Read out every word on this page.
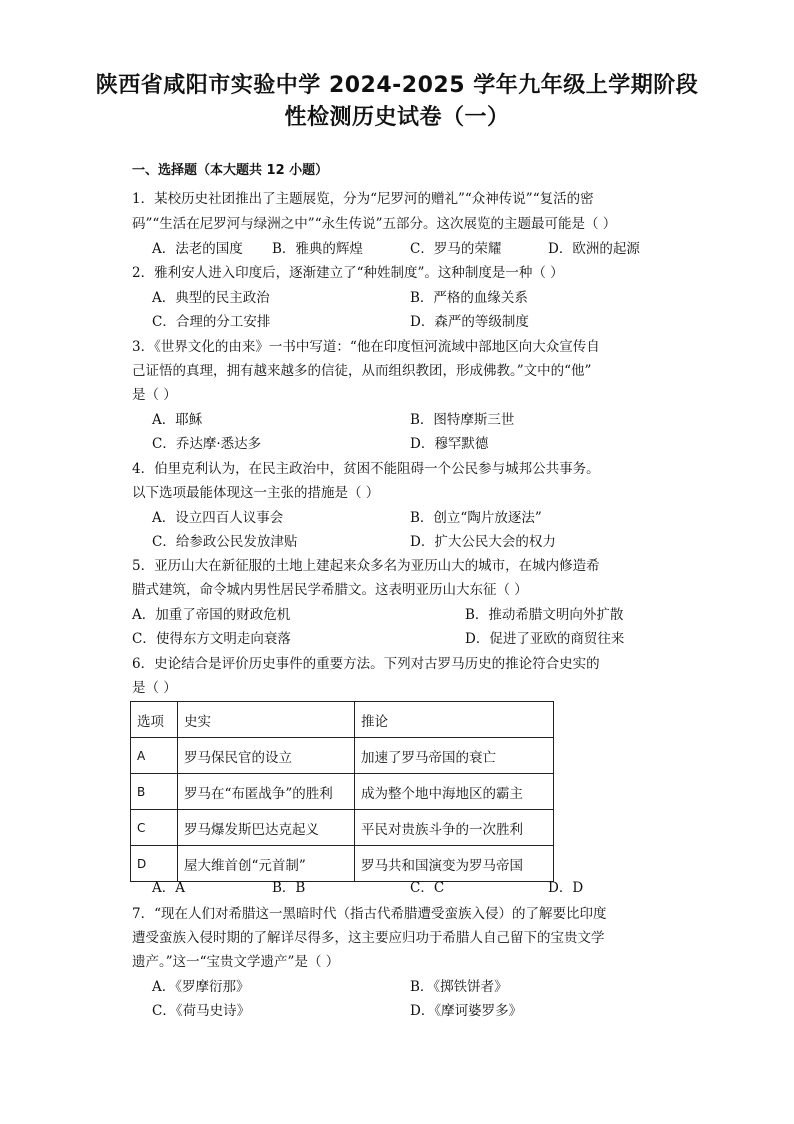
陕西省咸阳市实验中学 2024-2025 学年九年级上学期阶段
性检测历史试卷（一）
一、选择题（本大题共 12 小题）
1．某校历史社团推出了主题展览，分为“尼罗河的赠礼”“众神传说”“复活的密
码”“生活在尼罗河与绿洲之中”“永生传说”五部分。这次展览的主题最可能是（ ）
A．法老的国度 B．雅典的辉煌	C．罗马的荣耀	D．欧洲的起源
2．雅利安人进入印度后，逐渐建立了“种姓制度”。这种制度是一种（ ）
A．典型的民主政治	B．严格的血缘关系
C．合理的分工安排	D．森严的等级制度
3．《世界文化的由来》一书中写道：“他在印度恒河流域中部地区向大众宣传自
己证悟的真理，拥有越来越多的信徒，从而组织教团，形成佛教。”文中的“他”
是（ ）
A．耶稣	B．图特摩斯三世
C．乔达摩·悉达多	D．穆罕默德
4．伯里克利认为，在民主政治中，贫困不能阻碍一个公民参与城邦公共事务。
以下选项最能体现这一主张的措施是（ ）
A．设立四百人议事会	B．创立“陶片放逐法”
C．给参政公民发放津贴	D．扩大公民大会的权力
5．亚历山大在新征服的土地上建起来众多名为亚历山大的城市，在城内修造希
腊式建筑，命令城内男性居民学希腊文。这表明亚历山大东征（ ）
A．加重了帝国的财政危机	B．推动希腊文明向外扩散
C．使得东方文明走向衰落	D．促进了亚欧的商贸往来
6．史论结合是评价历史事件的重要方法。下列对古罗马历史的推论符合史实的
是（ ）
选项	史实	推论
A	罗马保民官的设立	加速了罗马帝国的衰亡
B	罗马在“布匿战争”的胜利	成为整个地中海地区的霸主
C	罗马爆发斯巴达克起义	平民对贵族斗争的一次胜利
D	屋大维首创“元首制”	罗马共和国演变为罗马帝国
A．A	B．B	C．C	D．D
7．“现在人们对希腊这一黑暗时代（指古代希腊遭受蛮族入侵）的了解要比印度
遭受蛮族入侵时期的了解详尽得多，这主要应归功于希腊人自己留下的宝贵文学
遗产。”这一“宝贵文学遗产”是（ ）
A．《罗摩衍那》	B．《掷铁饼者》
C．《荷马史诗》	D．《摩诃婆罗多》
